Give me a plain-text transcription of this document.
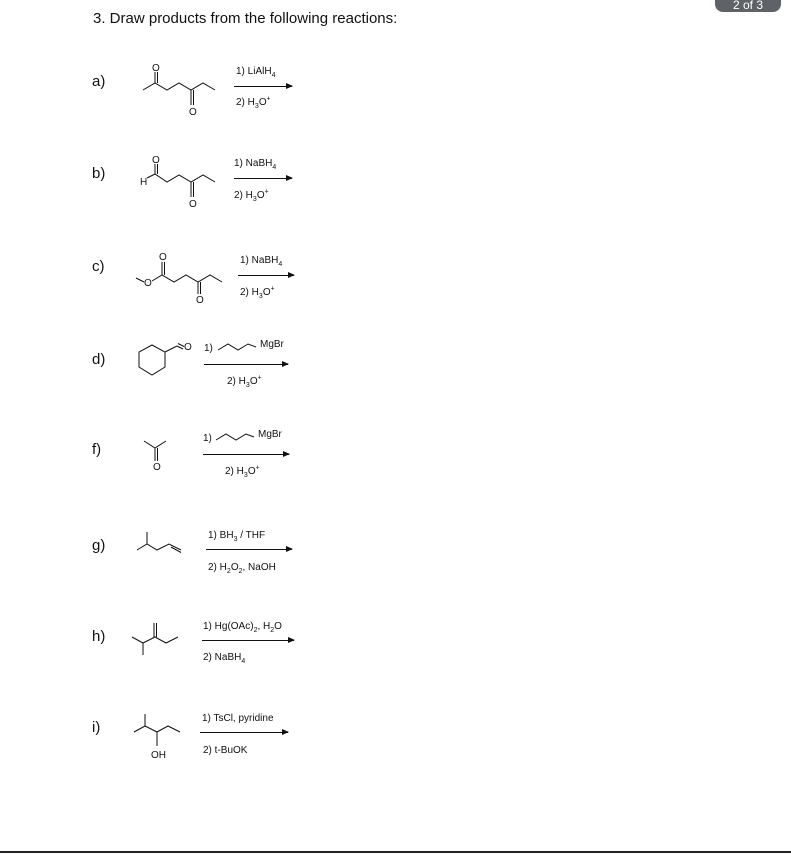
2 of 3
3. Draw products from the following reactions:
a)
O
O
1) LiAlH$_4$
2) $H_3O^+$
b)
H
O
O
1) NaBH$_4$
2) $H_3O^+$
c)
O
O
O
1) NaBH$_4$
2) $H_3O^+$
d)
O 1)	MgBr
2) $H_3O^+$
f)
O
1)	MgBr
2) $H_3O^+$
g)
1) $BH_3$ / THF
2) $H_2O_2$, NaOH
h)
1) $Hg(OAc)_2$, $H_2O$
2) NaBH$_4$
i)
OH
1) TsCl, pyridine
2) t-BuOK
